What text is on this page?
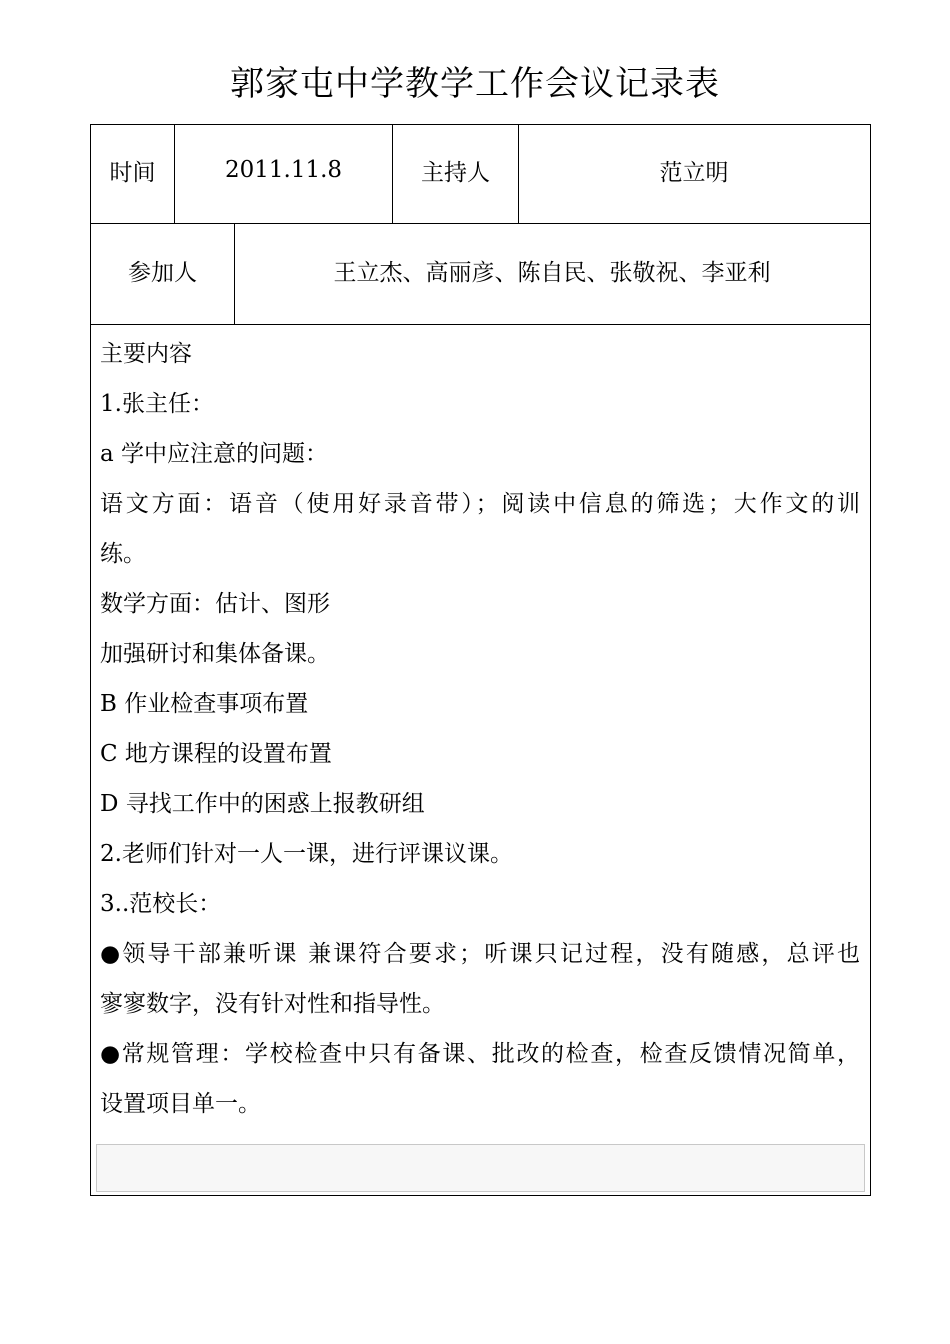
郭家屯中学教学工作会议记录表
时间	2011.11.8	主持人	范立明
参加人	王立杰、高丽彦、陈自民、张敬祝、李亚利
主要内容
1.张主任：
a 学中应注意的问题：
语文方面：语音（使用好录音带）；阅读中信息的筛选；大作文的训
练。
数学方面：估计、图形
加强研讨和集体备课。
B 作业检查事项布置
C 地方课程的设置布置
D 寻找工作中的困惑上报教研组
2.老师们针对一人一课，进行评课议课。
3..范校长：
●领导干部兼听课 兼课符合要求；听课只记过程，没有随感，总评也
寥寥数字，没有针对性和指导性。
●常规管理：学校检查中只有备课、批改的检查，检查反馈情况简单，
设置项目单一。
